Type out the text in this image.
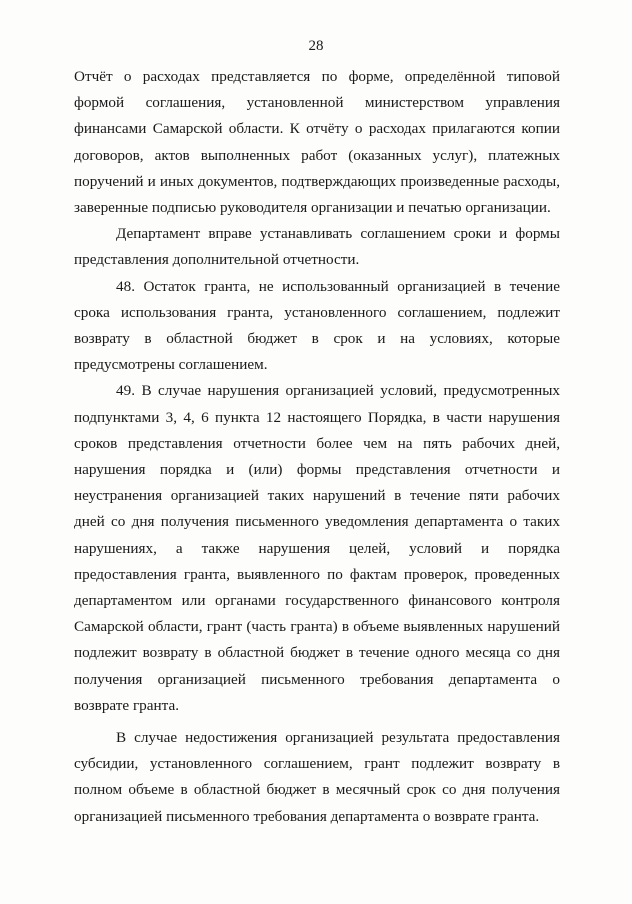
28

Отчёт о расходах представляется по форме, определённой типовой формой соглашения, установленной министерством управления финансами Самарской области. К отчёту о расходах прилагаются копии договоров, актов выполненных работ (оказанных услуг), платежных поручений и иных документов, подтверждающих произведенные расходы, заверенные подписью руководителя организации и печатью организации.

Департамент вправе устанавливать соглашением сроки и формы представления дополнительной отчетности.

48. Остаток гранта, не использованный организацией в течение срока использования гранта, установленного соглашением, подлежит возврату в областной бюджет в срок и на условиях, которые предусмотрены соглашением.

49. В случае нарушения организацией условий, предусмотренных подпунктами 3, 4, 6 пункта 12 настоящего Порядка, в части нарушения сроков представления отчетности более чем на пять рабочих дней, нарушения порядка и (или) формы представления отчетности и неустранения организацией таких нарушений в течение пяти рабочих дней со дня получения письменного уведомления департамента о таких нарушениях, а также нарушения целей, условий и порядка предоставления гранта, выявленного по фактам проверок, проведенных департаментом или органами государственного финансового контроля Самарской области, грант (часть гранта) в объеме выявленных нарушений подлежит возврату в областной бюджет в течение одного месяца со дня получения организацией письменного требования департамента о возврате гранта.

В случае недостижения организацией результата предоставления субсидии, установленного соглашением, грант подлежит возврату в полном объеме в областной бюджет в месячный срок со дня получения организацией письменного требования департамента о возврате гранта.
